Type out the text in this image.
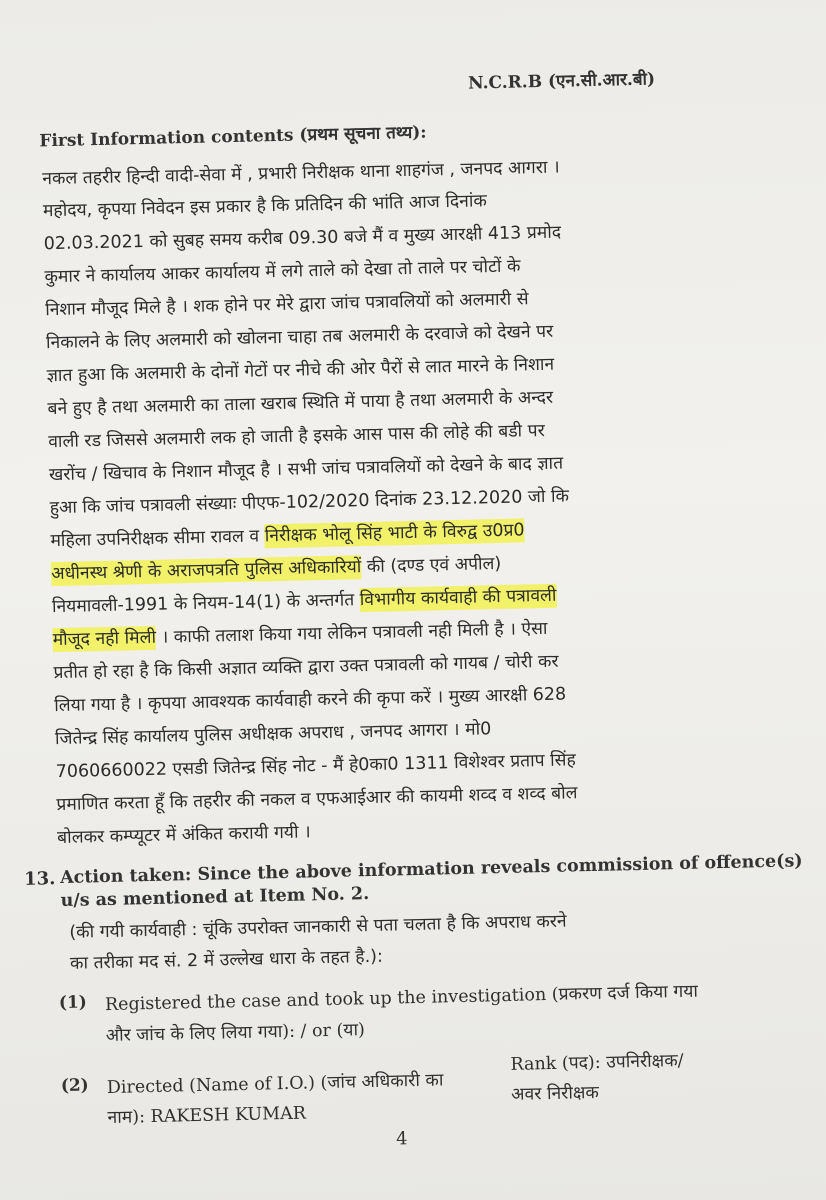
N.C.R.B (एन.सी.आर.बी)
First Information contents (प्रथम सूचना तथ्य):
नकल तहरीर हिन्दी वादी-सेवा में , प्रभारी निरीक्षक थाना शाहगंज , जनपद आगरा ।
महोदय, कृपया निवेदन इस प्रकार है कि प्रतिदिन की भांति आज दिनांक
02.03.2021 को सुबह समय करीब 09.30 बजे मैं व मुख्य आरक्षी 413 प्रमोद
कुमार ने कार्यालय आकर कार्यालय में लगे ताले को देखा तो ताले पर चोटों के
निशान मौजूद मिले है । शक होने पर मेरे द्वारा जांच पत्रावलियों को अलमारी से
निकालने के लिए अलमारी को खोलना चाहा तब अलमारी के दरवाजे को देखने पर
ज्ञात हुआ कि अलमारी के दोनों गेटों पर नीचे की ओर पैरों से लात मारने के निशान
बने हुए है तथा अलमारी का ताला खराब स्थिति में पाया है तथा अलमारी के अन्दर
वाली रड जिससे अलमारी लक हो जाती है इसके आस पास की लोहे की बडी पर
खरोंच / खिचाव के निशान मौजूद है । सभी जांच पत्रावलियों को देखने के बाद ज्ञात
हुआ कि जांच पत्रावली संख्याः पीएफ-102/2020 दिनांक 23.12.2020 जो कि
महिला उपनिरीक्षक सीमा रावल व निरीक्षक भोलू सिंह भाटी के विरुद्व उ0प्र0
अधीनस्थ श्रेणी के अराजपत्रति पुलिस अधिकारियों की (दण्ड एवं अपील)
नियमावली-1991 के नियम-14(1) के अन्तर्गत विभागीय कार्यवाही की पत्रावली
मौजूद नही मिली । काफी तलाश किया गया लेकिन पत्रावली नही मिली है । ऐसा
प्रतीत हो रहा है कि किसी अज्ञात व्यक्ति द्वारा उक्त पत्रावली को गायब / चोरी कर
लिया गया है । कृपया आवश्यक कार्यवाही करने की कृपा करें । मुख्य आरक्षी 628
जितेन्द्र सिंह कार्यालय पुलिस अधीक्षक अपराध , जनपद आगरा । मो0
7060660022 एसडी जितेन्द्र सिंह नोट - मैं हे0का0 1311 विशेश्वर प्रताप सिंह
प्रमाणित करता हूँ कि तहरीर की नकल व एफआईआर की कायमी शव्द व शव्द बोल
बोलकर कम्प्यूटर में अंकित करायी गयी ।
13. Action taken: Since the above information reveals commission of offence(s)
u/s as mentioned at Item No. 2.
(की गयी कार्यवाही : चूंकि उपरोक्त जानकारी से पता चलता है कि अपराध करने
का तरीका मद सं. 2 में उल्लेख धारा के तहत है.):
(1) Registered the case and took up the investigation (प्रकरण दर्ज किया गया
और जांच के लिए लिया गया): / or (या)
(2) Directed (Name of I.O.) (जांच अधिकारी का
नाम): RAKESH KUMAR
Rank (पद): उपनिरीक्षक/
अवर निरीक्षक
4
